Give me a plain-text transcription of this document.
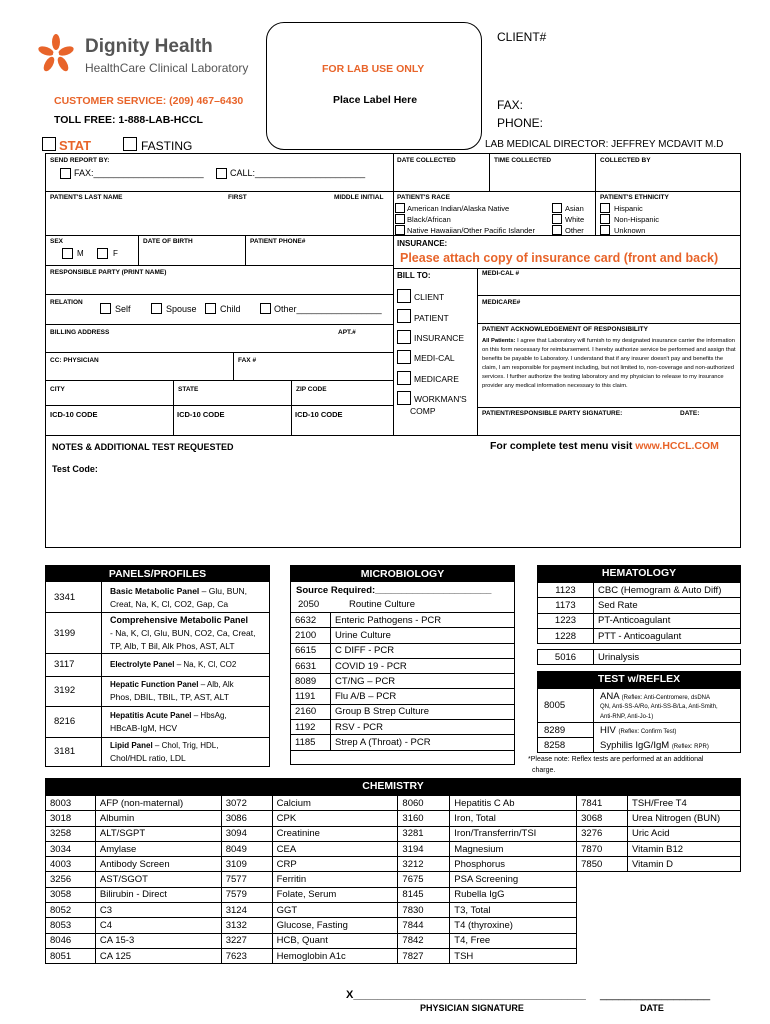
Dignity Health
HealthCare Clinical Laboratory
CUSTOMER SERVICE: (209) 467–6430
TOLL FREE: 1-888-LAB-HCCL
FOR LAB USE ONLY
Place Label Here
CLIENT#
FAX:
PHONE:
STAT	FASTING	LAB MEDICAL DIRECTOR: JEFFREY MCDAVIT M.D
SEND REPORT BY:
FAX:______________________	CALL:______________________
DATE COLLECTED	TIME COLLECTED	COLLECTED BY
PATIENT'S LAST NAME	FIRST	MIDDLE INITIAL PATIENT'S RACE
American Indian/Alaska Native
Black/African
Native Hawaiian/Other Pacific Islander
Asian
White
Other
PATIENT'S ETHNICITY
Hispanic
Non-Hispanic
Unknown
SEX
M	F
DATE OF BIRTH	PATIENT PHONE#	INSURANCE:
Please attach copy of insurance card (front and back)
RESPONSIBLE PARTY (PRINT NAME)	BILL TO:	MEDI-CAL #
RELATION
Self	Spouse	Child	Other_________________
CLIENT
PATIENT
INSURANCE
MEDI-CAL
MEDICARE
WORKMAN'S
COMP
MEDICARE#
PATIENT ACKNOWLEDGEMENT OF RESPONSIBILITY
All Patients: I agree that Laboratory will furnish to my designated insurance carrier the information on this form necessary for reimbursement. I hereby authorize service be performed and assign that benefits be payable to Laboratory. I understand that if any insurer doesn't pay and benefits the claim, I am responsible for payment including, but not limited to, non-coverage and non-authorized services. I further authorize the testing laboratory and my physician to release to my insurance provider any medical information necessary to this claim.
BILLING ADDRESS	APT.#
CC: PHYSICIAN	FAX #
CITY	STATE	ZIP CODE
ICD-10 CODE	ICD-10 CODE	ICD-10 CODE	PATIENT/RESPONSIBLE PARTY SIGNATURE:	DATE:
NOTES & ADDITIONAL TEST REQUESTED	For complete test menu visit www.HCCL.COM
Test Code:
PANELS/PROFILES
3341
Basic Metabolic Panel – Glu, BUN,
Creat, Na, K, Cl, CO2, Gap, Ca
3199
Comprehensive Metabolic Panel
- Na, K, Cl, Glu, BUN, CO2, Ca, Creat,
TP, Alb, T Bil, Alk Phos, AST, ALT
3117	Electrolyte Panel – Na, K, Cl, CO2
3192
Hepatic Function Panel – Alb, Alk
Phos, DBIL, TBIL, TP, AST, ALT
8216
Hepatitis Acute Panel – HbsAg,
HBcAB-IgM, HCV
3181
Lipid Panel – Chol, Trig, HDL,
Chol/HDL ratio, LDL
MICROBIOLOGY
Source Required:______________________
2050	Routine Culture
6632	Enteric Pathogens - PCR
2100	Urine Culture
6615	C DIFF - PCR
6631	COVID 19 - PCR
8089	CT/NG – PCR
1191	Flu A/B – PCR
2160	Group B Strep Culture
1192	RSV - PCR
1185	Strep A (Throat) - PCR
HEMATOLOGY
1123	CBC (Hemogram & Auto Diff)
1173	Sed Rate
1223	PT-Anticoagulant
1228	PTT - Anticoagulant
5016	Urinalysis
TEST w/REFLEX
8005
ANA (Reflex: Anti-Centromere, dsDNA
QN, Anti-SS-A/Ro, Anti-SS-B/La, Anti-Smith,
Anti-RNP, Anti-Jo-1)
8289	HIV (Reflex: Confirm Test)
8258	Syphilis IgG/IgM (Reflex: RPR)
*Please note: Reflex tests are performed at an additional
charge.
CHEMISTRY
8003	AFP (non-maternal)	3072	Calcium	8060	Hepatitis C Ab	7841	TSH/Free T4
3018	Albumin	3086	CPK	3160	Iron, Total	3068	Urea Nitrogen (BUN)
3258	ALT/SGPT	3094	Creatinine	3281	Iron/Transferrin/TSI	3276	Uric Acid
3034	Amylase	8049	CEA	3194	Magnesium	7870	Vitamin B12
4003	Antibody Screen	3109	CRP	3212	Phosphorus	7850	Vitamin D
3256	AST/SGOT	7577	Ferritin	7675	PSA Screening		
3058	Bilirubin - Direct	7579	Folate, Serum	8145	Rubella IgG		
8052	C3	3124	GGT	7830	T3, Total		
8053	C4	3132	Glucose, Fasting	7844	T4 (thyroxine)		
8046	CA 15-3	3227	HCB, Quant	7842	T4, Free		
8051	CA 125	7623	Hemoglobin A1c	7827	TSH		
X______________________________________ __________________
PHYSICIAN SIGNATURE	DATE
